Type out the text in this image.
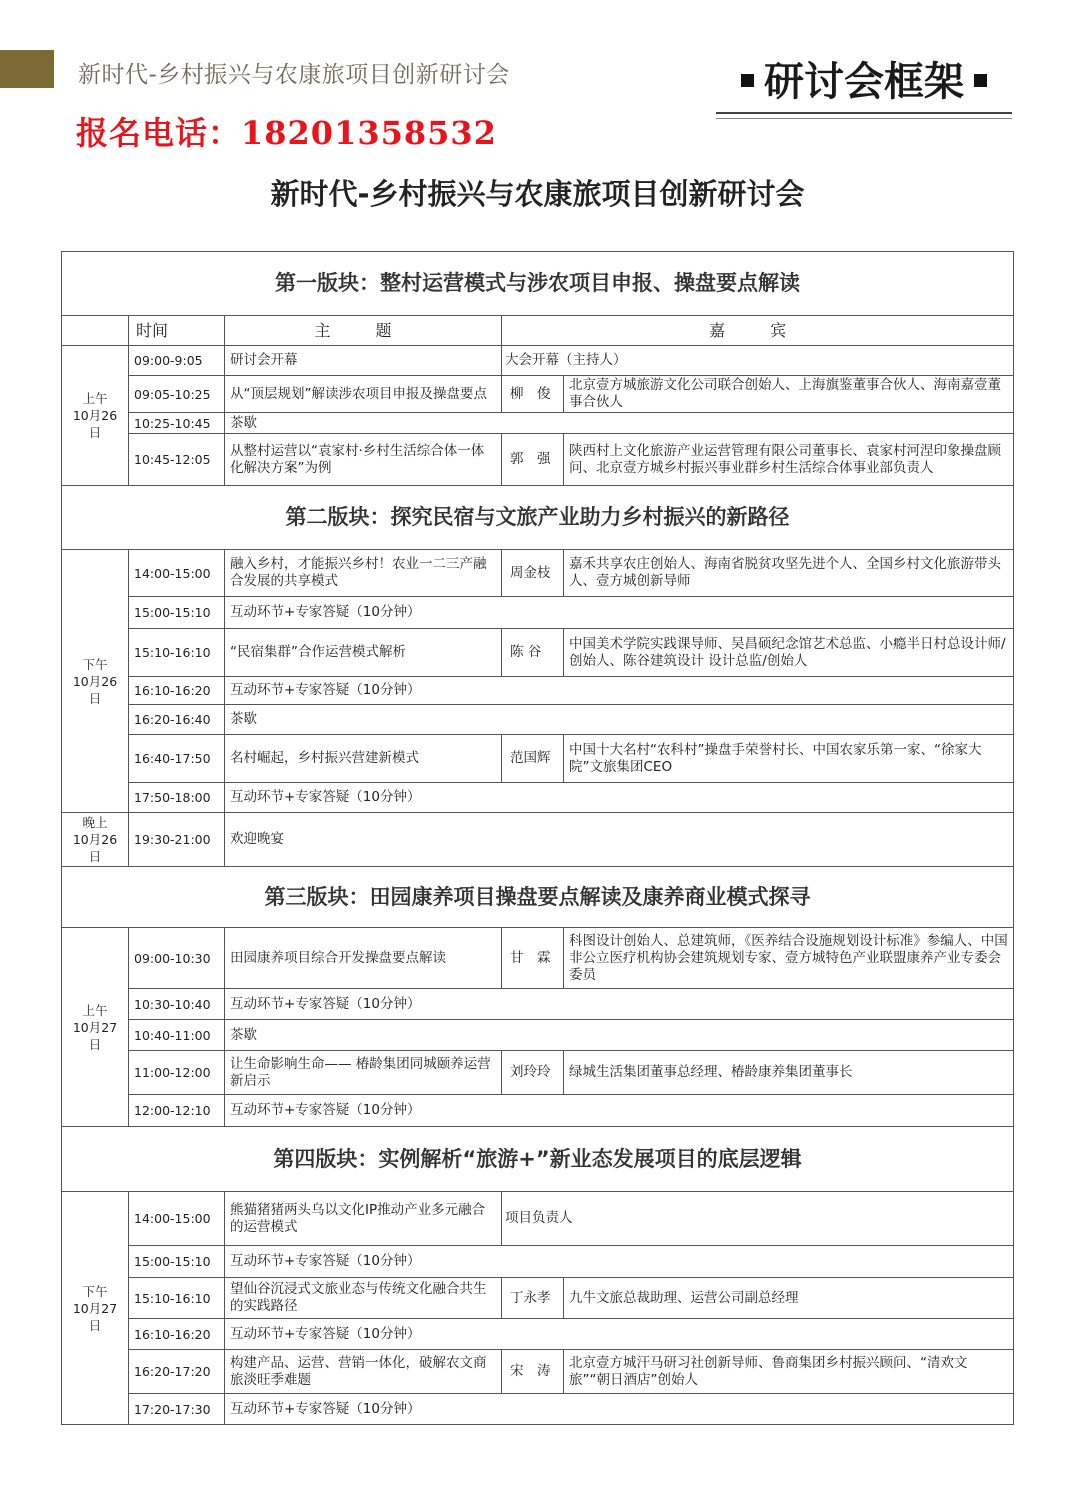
新时代-乡村振兴与农康旅项目创新研讨会	研讨会框架
报名电话：18201358532
新时代-乡村振兴与农康旅项目创新研讨会
第一版块：整村运营模式与涉农项目申报、操盘要点解读				
	时间	主 题	嘉 宾	
上午
10月26日	09:00-9:05	研讨会开幕	大会开幕（主持人）	
	09:05-10:25	从“顶层规划”解读涉农项目申报及操盘要点	柳　俊	北京壹方城旅游文化公司联合创始人、上海旗鉴董事合伙人、海南嘉壹董事合伙人
	10:25-10:45	茶歇		
	10:45-12:05	从整村运营以“袁家村·乡村生活综合体一体化解决方案”为例	郭　强	陕西村上文化旅游产业运营管理有限公司董事长、袁家村河涅印象操盘顾问、北京壹方城乡村振兴事业群乡村生活综合体事业部负责人
第二版块：探究民宿与文旅产业助力乡村振兴的新路径				
下午
10月26日	14:00-15:00	融入乡村，才能振兴乡村！农业一二三产融合发展的共享模式	周金枝	嘉禾共享农庄创始人、海南省脱贫攻坚先进个人、全国乡村文化旅游带头人、壹方城创新导师
	15:00-15:10	互动环节+专家答疑（10分钟）		
	15:10-16:10	“民宿集群”合作运营模式解析	陈 谷	中国美术学院实践课导师、吴昌硕纪念馆艺术总监、小瘾半日村总设计师/创始人、陈谷建筑设计 设计总监/创始人
	16:10-16:20	互动环节+专家答疑（10分钟）		
	16:20-16:40	茶歇		
	16:40-17:50	名村崛起，乡村振兴营建新模式	范国辉	中国十大名村“农科村”操盘手荣誉村长、中国农家乐第一家、“徐家大院”文旅集团CEO
	17:50-18:00	互动环节+专家答疑（10分钟）		
晚上
10月26日	19:30-21:00	欢迎晚宴		
第三版块：田园康养项目操盘要点解读及康养商业模式探寻				
上午
10月27日	09:00-10:30	田园康养项目综合开发操盘要点解读	甘　霖	科图设计创始人、总建筑师，《医养结合设施规划设计标准》参编人、中国非公立医疗机构协会建筑规划专家、壹方城特色产业联盟康养产业专委会委员
	10:30-10:40	互动环节+专家答疑（10分钟）		
	10:40-11:00	茶歇		
	11:00-12:00	让生命影响生命—— 椿龄集团同城颐养运营新启示	刘玲玲	绿城生活集团董事总经理、椿龄康养集团董事长
	12:00-12:10	互动环节+专家答疑（10分钟）		
第四版块：实例解析“旅游+”新业态发展项目的底层逻辑				
下午
10月27日	14:00-15:00	熊猫猪猪两头乌以文化IP推动产业多元融合的运营模式	项目负责人	
	15:00-15:10	互动环节+专家答疑（10分钟）		
	15:10-16:10	望仙谷沉浸式文旅业态与传统文化融合共生的实践路径	丁永孝	九牛文旅总裁助理、运营公司副总经理
	16:10-16:20	互动环节+专家答疑（10分钟）		
	16:20-17:20	构建产品、运营、营销一体化，破解农文商旅淡旺季难题	宋　涛	北京壹方城汗马研习社创新导师、鲁商集团乡村振兴顾问、“清欢文旅”“朝日酒店”创始人
	17:20-17:30	互动环节+专家答疑（10分钟）		
